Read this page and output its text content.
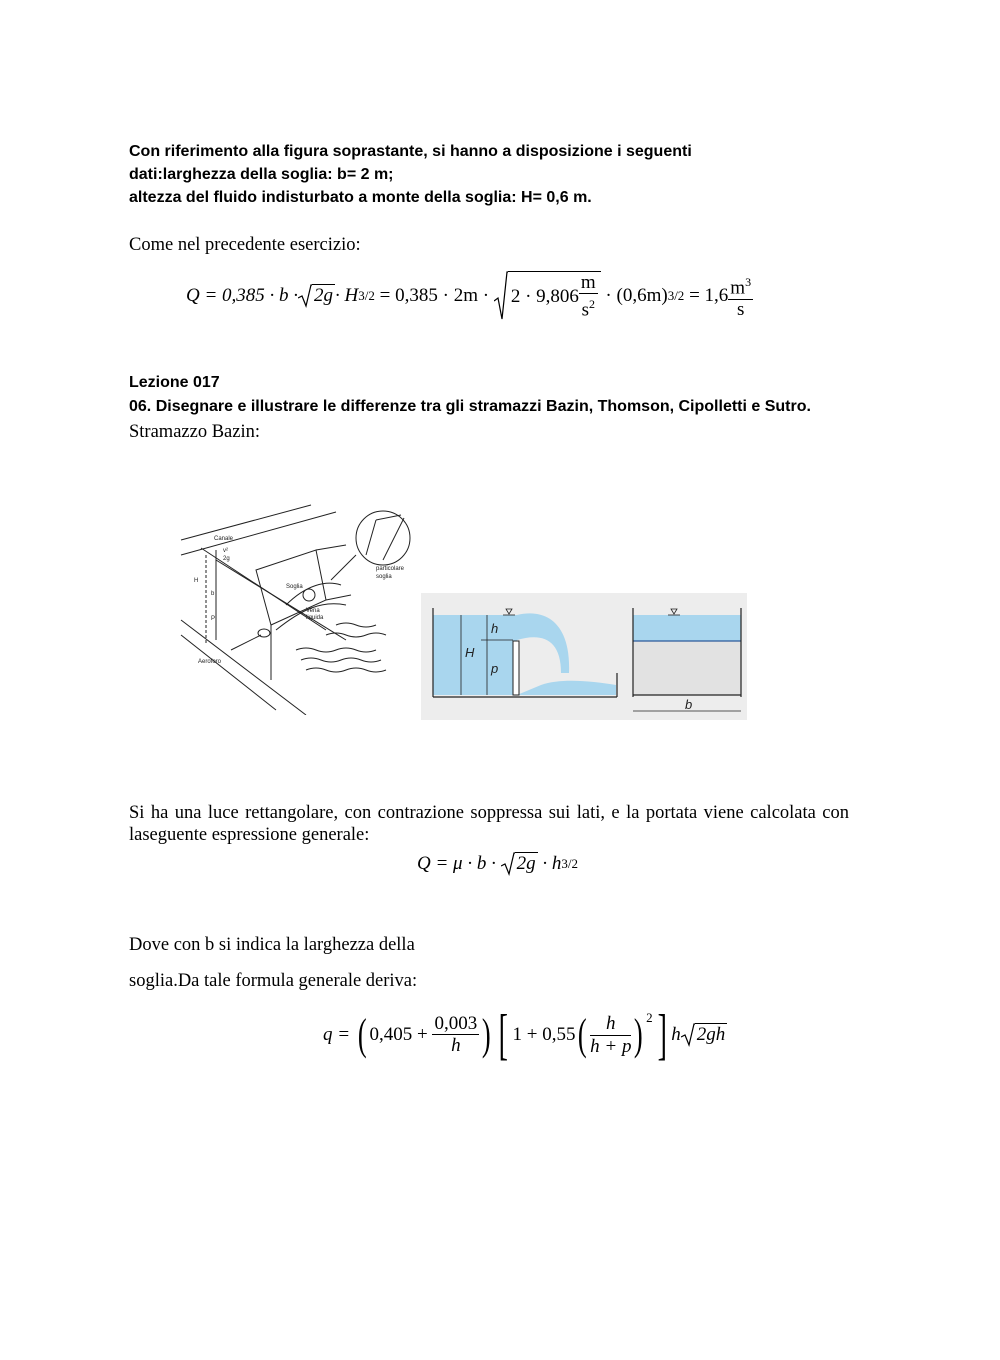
Con riferimento alla figura soprastante, si hanno a disposizione i seguenti
dati:larghezza della soglia: b= 2 m;
altezza del fluido indisturbato a monte della soglia: H= 0,6 m.
Come nel precedente esercizio:
Q = 0,385 · b · 2g · H $3/2 = 0,385 \cdot 2m \cdot 2 \cdot 9,806 \frac{m}{s^2} \cdot (0,6m) 3/2 = 1,6 \frac{m^3}{s}$
Lezione 017
06. Disegnare e illustrare le differenze tra gli stramazzi Bazin, Thomson, Cipolletti e Sutro.
Stramazzo Bazin:
Canale
v²
2g
H
b
P
Soglia
Vena
liquida
Aeroforo
particolare
soglia
h
H
p
b
Si ha una luce rettangolare, con contrazione soppressa sui lati, e la portata viene calcolata con laseguente espressione generale:
Q = μ · b · 2g · h 3/2
Dove con b si indica la larghezza della
soglia.Da tale formula generale deriva:
q = ( $0,405 + \frac{0,003}{h}$ ) [ 1 + 0,55 ( $\frac{h}{h + p} )^2$ ] h 2gh
